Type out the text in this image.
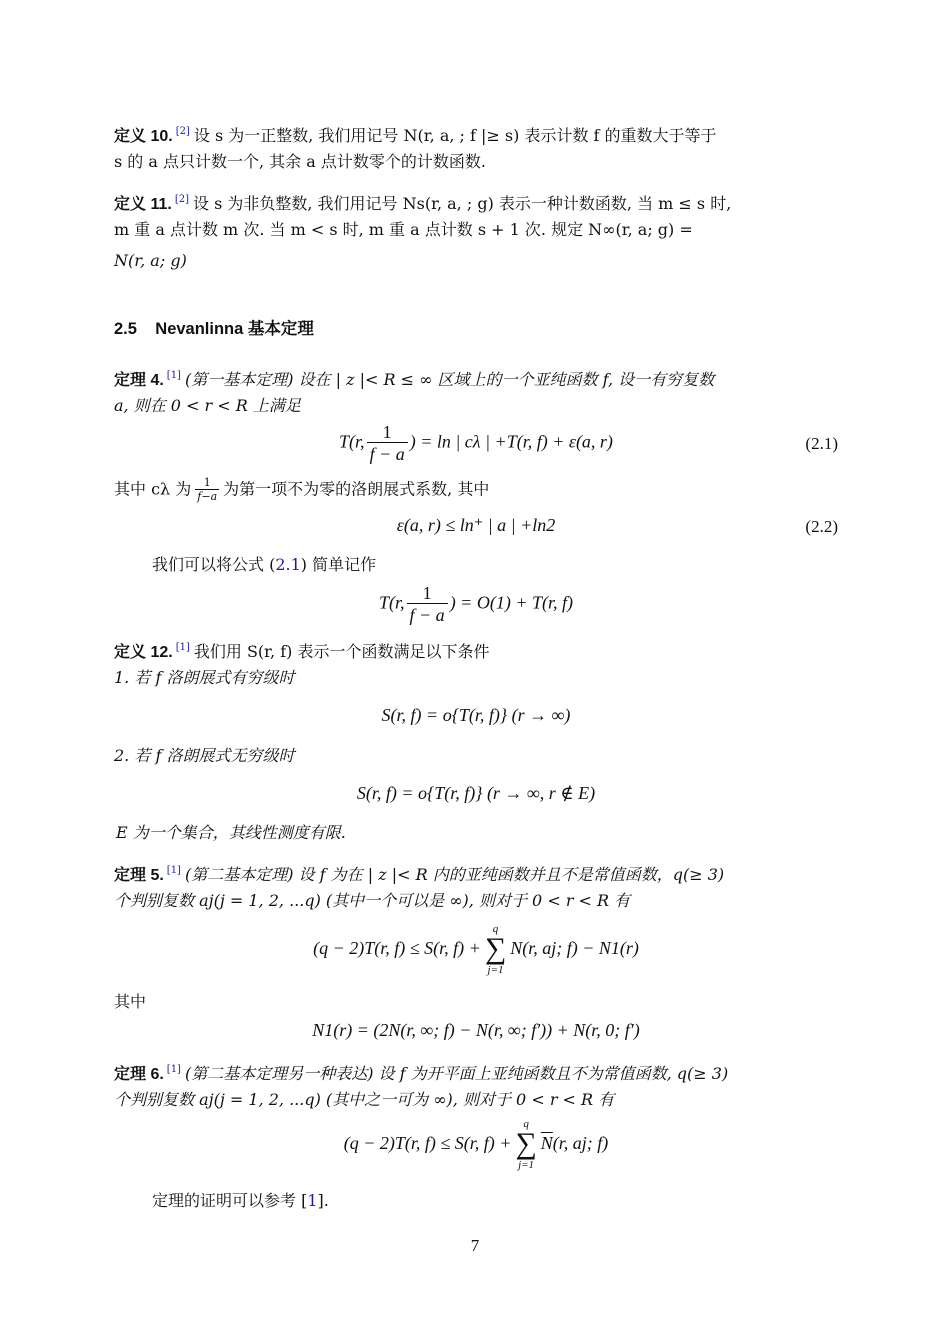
定义 10. [2] 设 s 为一正整数, 我们用记号 N(r, a, ; f |≥ s) 表示计数 f 的重数大于等于
s 的 a 点只计数一个, 其余 a 点计数零个的计数函数.
定义 11. [2] 设 s 为非负整数, 我们用记号 Ns(r, a, ; g) 表示一种计数函数, 当 m ≤ s 时,
m 重 a 点计数 m 次. 当 m < s 时, m 重 a 点计数 s + 1 次. 规定 N∞(r, a; g) =
N(r, a; g)
2.5 Nevanlinna 基本定理
定理 4. [1] (第一基本定理) 设在 | z |< R ≤ ∞ 区域上的一个亚纯函数 f, 设一有穷复数
a, 则在 0 < r < R 上满足
T(r, $\frac{1}{f - a}$ ) = ln | cλ | +T(r, f) + ε(a, r)	(2.1)
其中 cλ 为 $\frac{1}{f-a}$ 为第一项不为零的洛朗展式系数, 其中
ε(a, r) ≤ ln⁺ | a | +ln2	(2.2)
我们可以将公式 (2.1) 简单记作
T(r, $\frac{1}{f - a}$ ) = O(1) + T(r, f)
定义 12. [1] 我们用 S(r, f) 表示一个函数满足以下条件
1. 若 f 洛朗展式有穷级时
S(r, f) = o{T(r, f)} (r → ∞)
2. 若 f 洛朗展式无穷级时
S(r, f) = o{T(r, f)} (r → ∞, r ∉ E)
E 为一个集合，其线性测度有限.
定理 5. [1] (第二基本定理) 设 f 为在 | z |< R 内的亚纯函数并且不是常值函数，q(≥ 3)
个判别复数 aj(j = 1, 2, ...q) (其中一个可以是 ∞), 则对于 0 < r < R 有
(q − 2)T(r, f) ≤ S(r, f) +
q
∑
j=1
N(r, aj; f) − N1(r)
其中
N1(r) = (2N(r, ∞; f) − N(r, ∞; f′)) + N(r, 0; f′)
定理 6. [1] (第二基本定理另一种表达) 设 f 为开平面上亚纯函数且不为常值函数, q(≥ 3)
个判别复数 aj(j = 1, 2, ...q) (其中之一可为 ∞), 则对于 0 < r < R 有
(q − 2)T(r, f) ≤ S(r, f) +
q
∑
j=1
$\overline{N}(r$, aj; f)
定理的证明可以参考 [1].
7
